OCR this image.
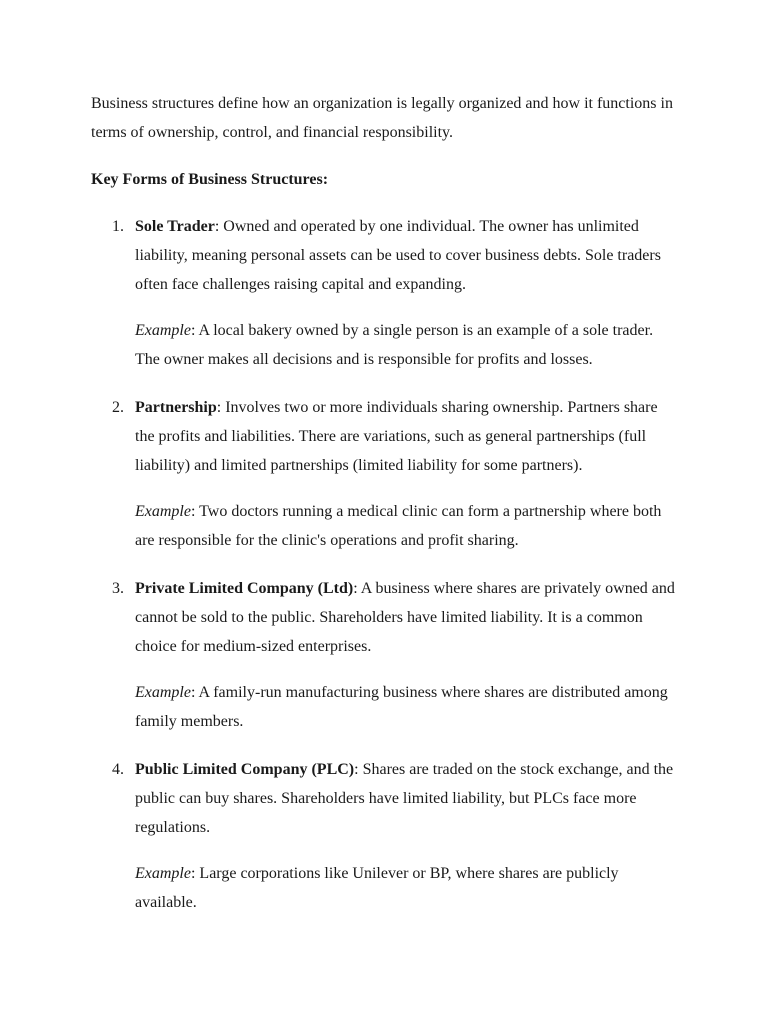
Business structures define how an organization is legally organized and how it functions in terms of ownership, control, and financial responsibility.

Key Forms of Business Structures:
1. Sole Trader: Owned and operated by one individual. The owner has unlimited liability, meaning personal assets can be used to cover business debts. Sole traders often face challenges raising capital and expanding.

Example: A local bakery owned by a single person is an example of a sole trader. The owner makes all decisions and is responsible for profits and losses.

2. Partnership: Involves two or more individuals sharing ownership. Partners share the profits and liabilities. There are variations, such as general partnerships (full liability) and limited partnerships (limited liability for some partners).

Example: Two doctors running a medical clinic can form a partnership where both are responsible for the clinic's operations and profit sharing.

3. Private Limited Company (Ltd): A business where shares are privately owned and cannot be sold to the public. Shareholders have limited liability. It is a common choice for medium-sized enterprises.

Example: A family-run manufacturing business where shares are distributed among family members.

4. Public Limited Company (PLC): Shares are traded on the stock exchange, and the public can buy shares. Shareholders have limited liability, but PLCs face more regulations.

Example: Large corporations like Unilever or BP, where shares are publicly available.
